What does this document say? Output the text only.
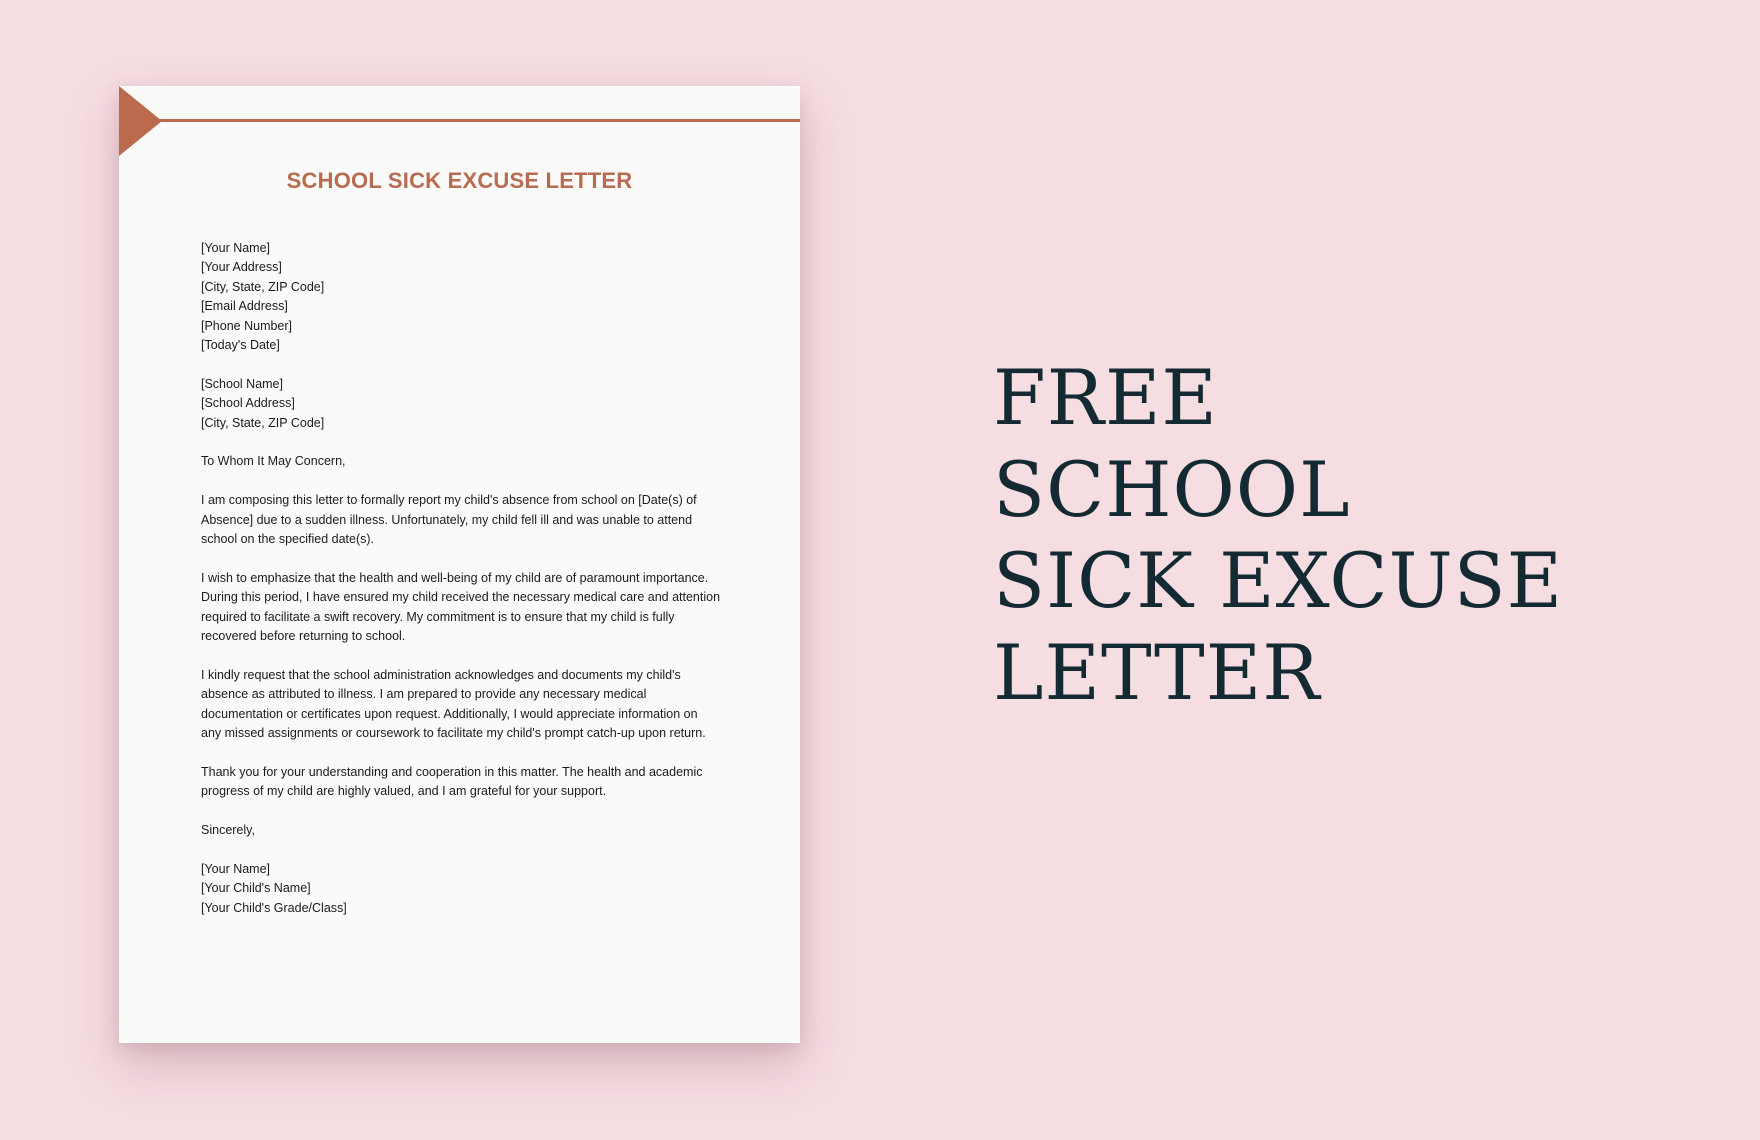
SCHOOL SICK EXCUSE LETTER
[Your Name]
[Your Address]
[City, State, ZIP Code]
[Email Address]
[Phone Number]
[Today's Date]
[School Name]
[School Address]
[City, State, ZIP Code]

To Whom It May Concern,

I am composing this letter to formally report my child's absence from school on [Date(s) of Absence] due to a sudden illness. Unfortunately, my child fell ill and was unable to attend school on the specified date(s).

I wish to emphasize that the health and well-being of my child are of paramount importance. During this period, I have ensured my child received the necessary medical care and attention required to facilitate a swift recovery. My commitment is to ensure that my child is fully recovered before returning to school.

I kindly request that the school administration acknowledges and documents my child's absence as attributed to illness. I am prepared to provide any necessary medical documentation or certificates upon request. Additionally, I would appreciate information on any missed assignments or coursework to facilitate my child's prompt catch-up upon return.

Thank you for your understanding and cooperation in this matter. The health and academic progress of my child are highly valued, and I am grateful for your support.

Sincerely,

[Your Name]
[Your Child's Name]
[Your Child's Grade/Class]
FREE
SCHOOL
SICK EXCUSE
LETTER
